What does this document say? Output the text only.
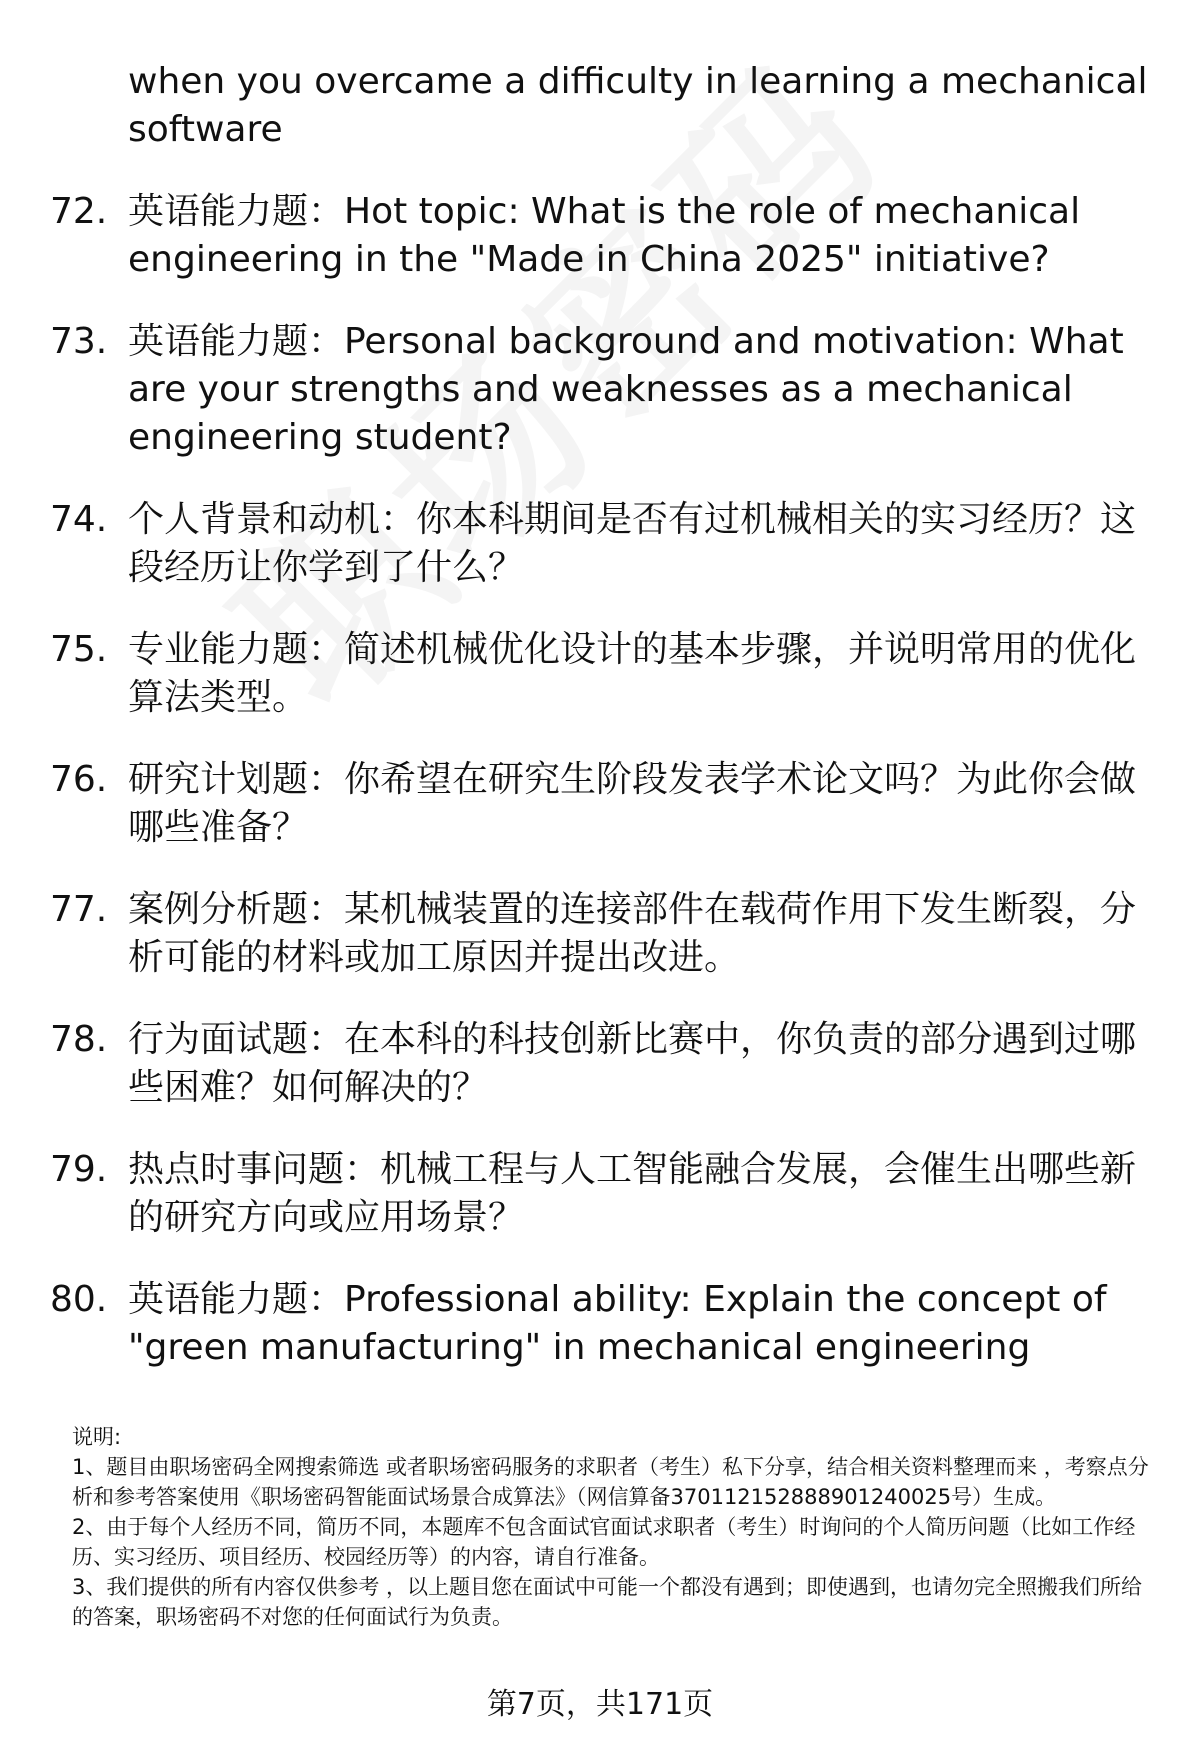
when you overcame a difficulty in learning a mechanical software
72. 英语能力题：Hot topic: What is the role of mechanical engineering in the "Made in China 2025" initiative?
73. 英语能力题：Personal background and motivation: What are your strengths and weaknesses as a mechanical engineering student?
74. 个人背景和动机：你本科期间是否有过机械相关的实习经历？这段经历让你学到了什么？
75. 专业能力题：简述机械优化设计的基本步骤，并说明常用的优化算法类型。
76. 研究计划题：你希望在研究生阶段发表学术论文吗？为此你会做哪些准备？
77. 案例分析题：某机械装置的连接部件在载荷作用下发生断裂，分析可能的材料或加工原因并提出改进。
78. 行为面试题：在本科的科技创新比赛中，你负责的部分遇到过哪些困难？如何解决的？
79. 热点时事问题：机械工程与人工智能融合发展，会催生出哪些新的研究方向或应用场景？
80. 英语能力题：Professional ability: Explain the concept of "green manufacturing" in mechanical engineering

说明:

1、题目由职场密码全网搜索筛选 或者职场密码服务的求职者（考生）私下分享，结合相关资料整理而来 ，考察点分析和参考答案使用《职场密码智能面试场景合成算法》（网信算备370112152888901240025号）生成。

2、由于每个人经历不同，简历不同，本题库不包含面试官面试求职者（考生）时询问的个人简历问题（比如工作经历、实习经历、项目经历、校园经历等）的内容，请自行准备。

3、我们提供的所有内容仅供参考 ，以上题目您在面试中可能一个都没有遇到；即使遇到，也请勿完全照搬我们所给的答案，职场密码不对您的任何面试行为负责。

第7页，共171页
